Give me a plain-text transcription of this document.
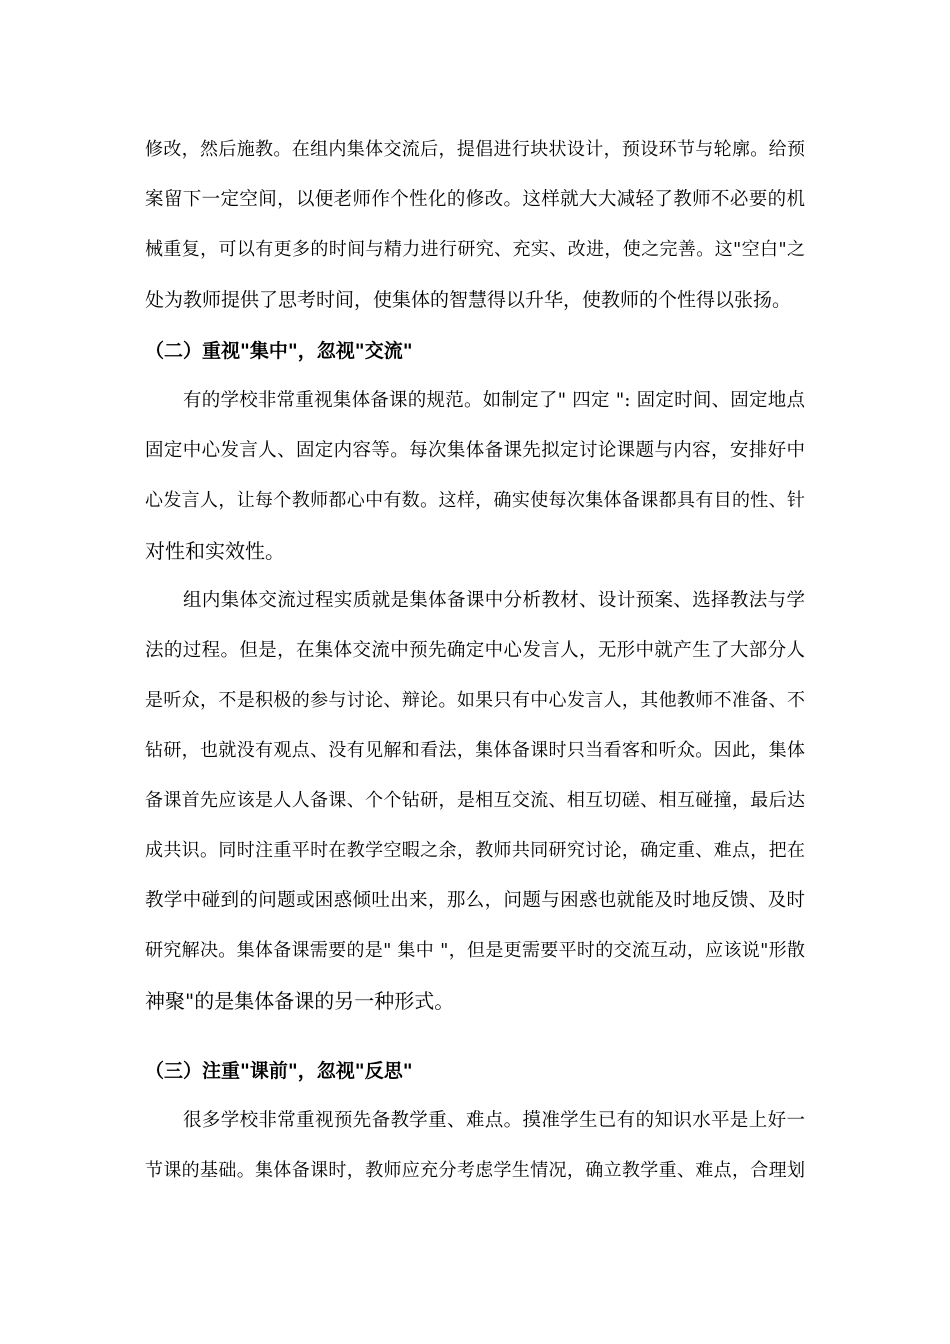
修改，然后施教。在组内集体交流后，提倡进行块状设计，预设环节与轮廓。给预
案留下一定空间，以便老师作个性化的修改。这样就大大减轻了教师不必要的机
械重复，可以有更多的时间与精力进行研究、充实、改进，使之完善。这"空白"之
处为教师提供了思考时间，使集体的智慧得以升华，使教师的个性得以张扬。
（二）重视"集中"，忽视"交流"
有的学校非常重视集体备课的规范。如制定了" 四定 ": 固定时间、固定地点
固定中心发言人、固定内容等。每次集体备课先拟定讨论课题与内容，安排好中
心发言人，让每个教师都心中有数。这样，确实使每次集体备课都具有目的性、针
对性和实效性。
组内集体交流过程实质就是集体备课中分析教材、设计预案、选择教法与学
法的过程。但是，在集体交流中预先确定中心发言人，无形中就产生了大部分人
是听众，不是积极的参与讨论、辩论。如果只有中心发言人，其他教师不准备、不
钻研，也就没有观点、没有见解和看法，集体备课时只当看客和听众。因此，集体
备课首先应该是人人备课、个个钻研，是相互交流、相互切磋、相互碰撞，最后达
成共识。同时注重平时在教学空暇之余，教师共同研究讨论，确定重、难点，把在
教学中碰到的问题或困惑倾吐出来，那么，问题与困惑也就能及时地反馈、及时
研究解决。集体备课需要的是" 集中 "，但是更需要平时的交流互动，应该说"形散
神聚"的是集体备课的另一种形式。
（三）注重"课前"，忽视"反思"
很多学校非常重视预先备教学重、难点。摸准学生已有的知识水平是上好一
节课的基础。集体备课时，教师应充分考虑学生情况，确立教学重、难点，合理划
